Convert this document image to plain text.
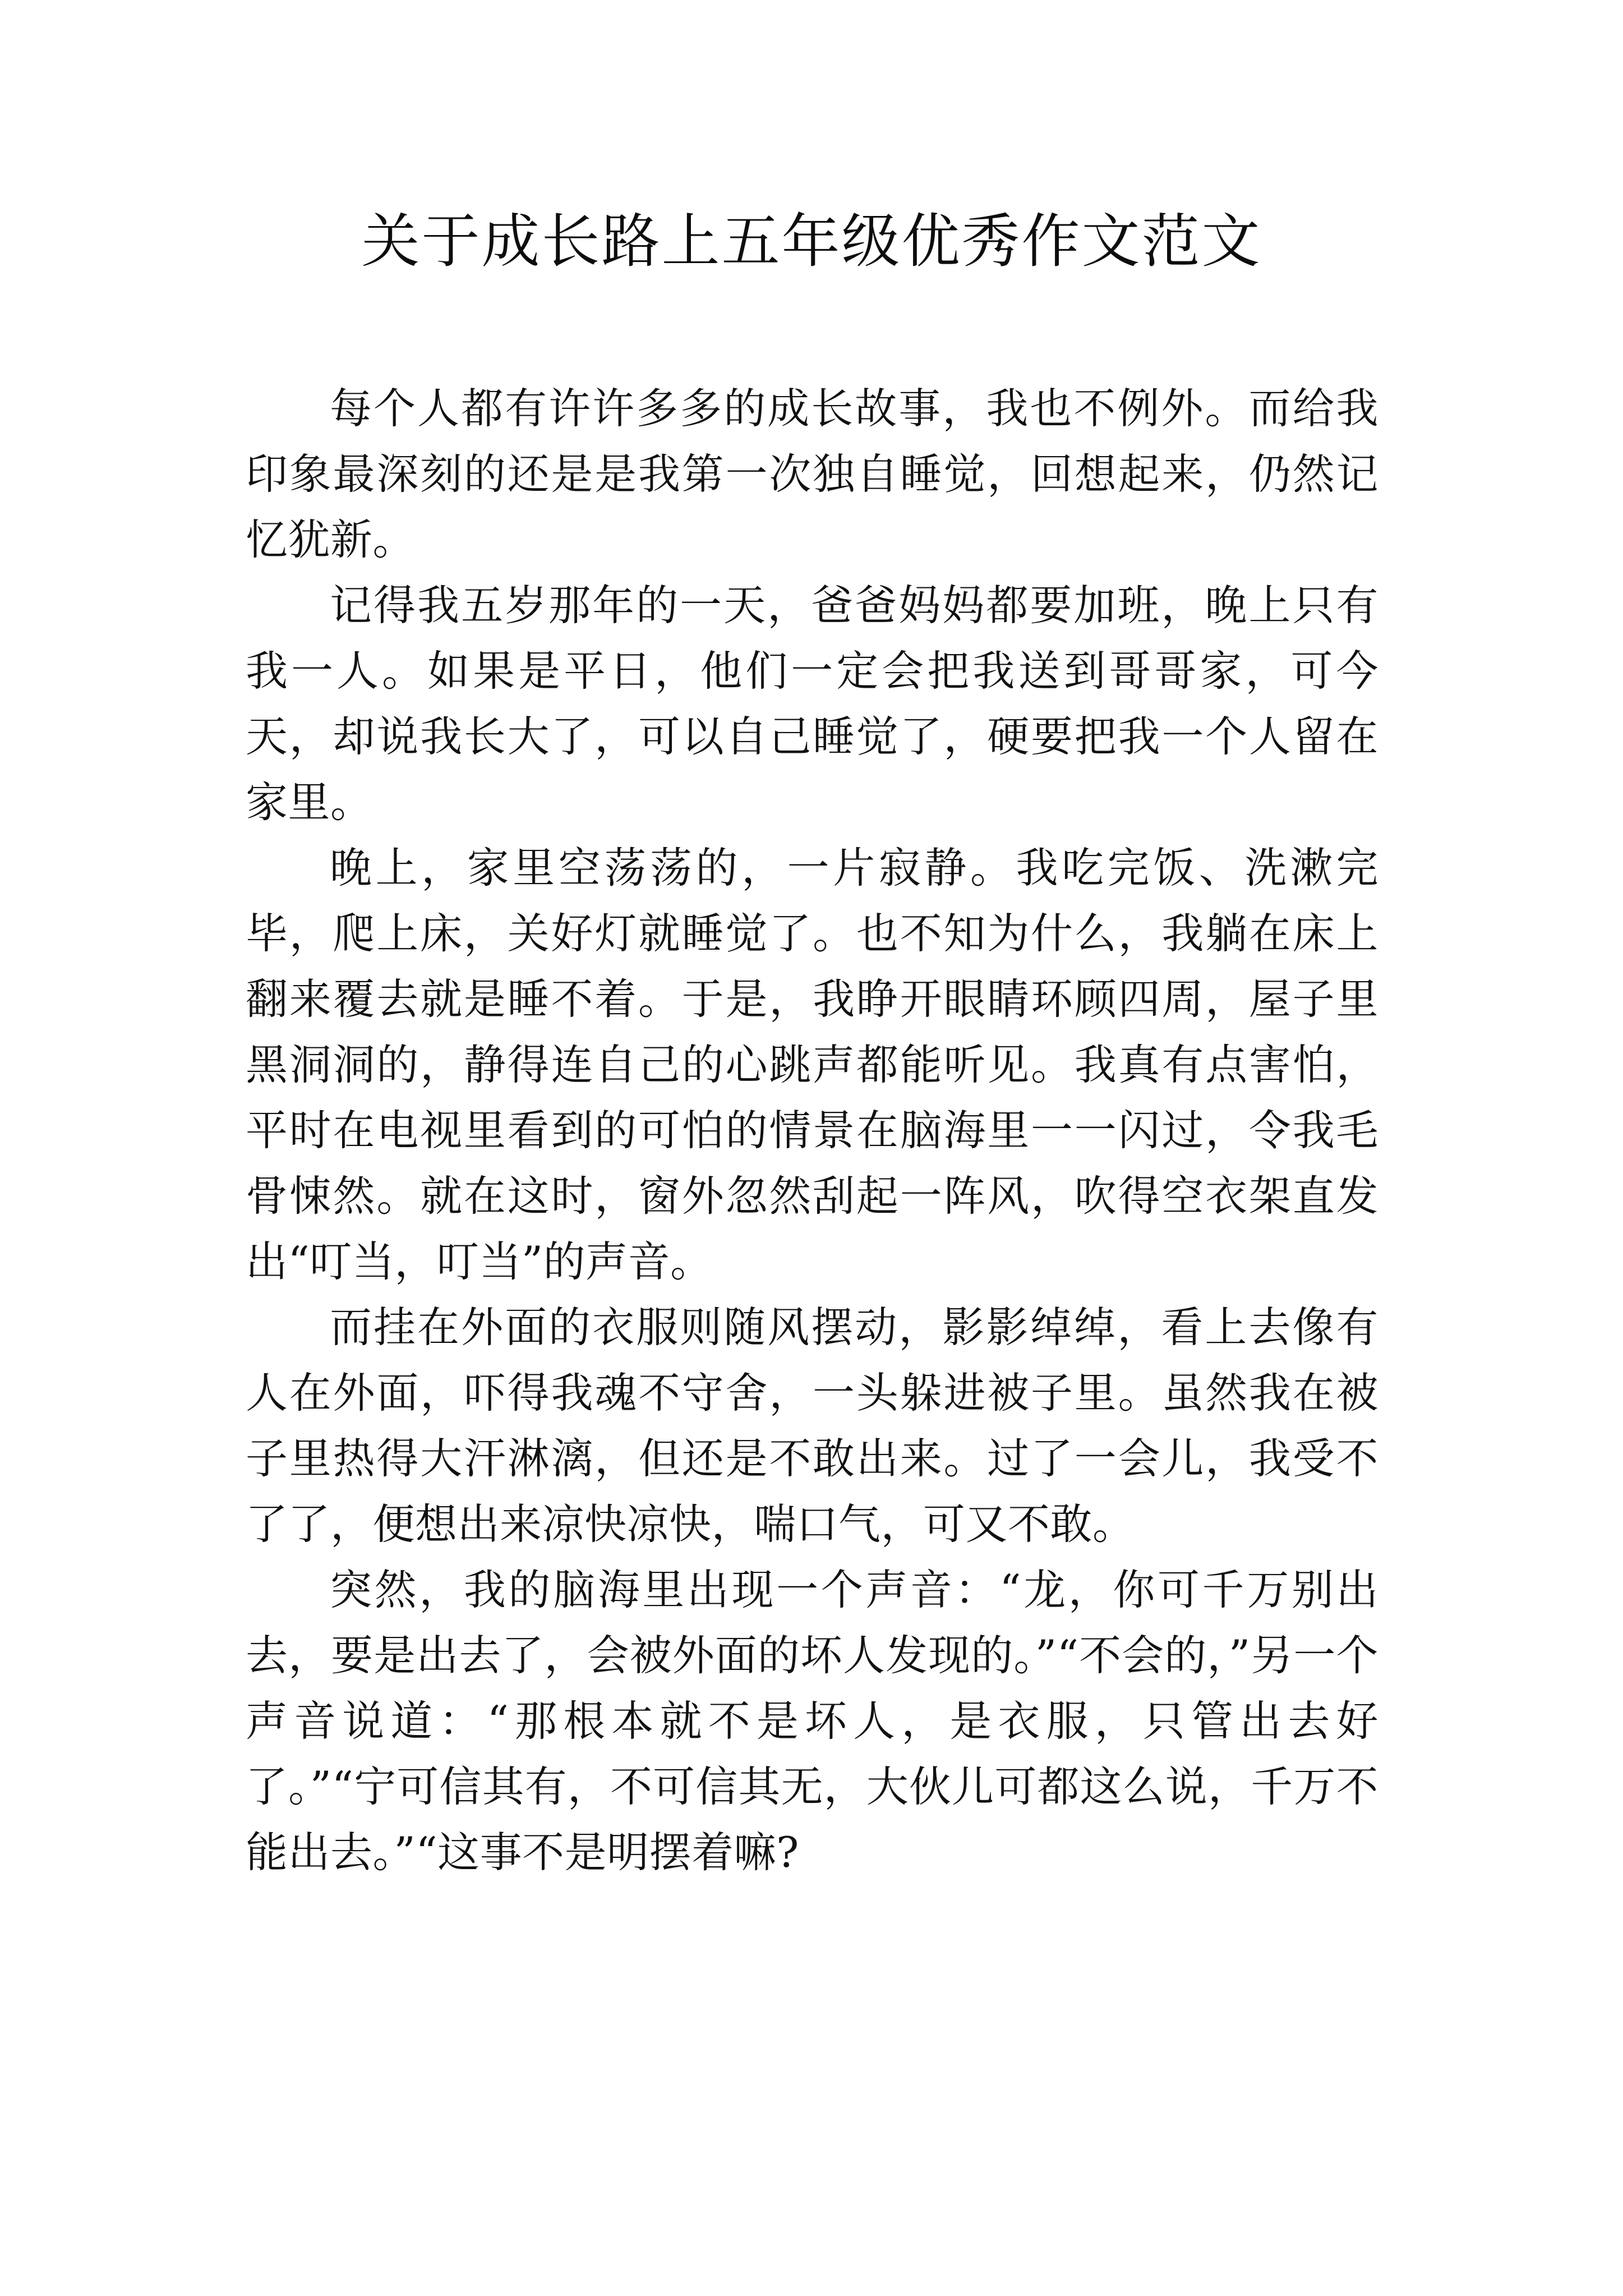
关于成长路上五年级优秀作文范文

每个人都有许许多多的成长故事，我也不例外。而给我印象最深刻的还是是我第一次独自睡觉，回想起来，仍然记忆犹新。

记得我五岁那年的一天，爸爸妈妈都要加班，晚上只有我一人。如果是平日，他们一定会把我送到哥哥家，可今天，却说我长大了，可以自己睡觉了，硬要把我一个人留在家里。

晚上，家里空荡荡的，一片寂静。我吃完饭、洗漱完毕，爬上床，关好灯就睡觉了。也不知为什么，我躺在床上翻来覆去就是睡不着。于是，我睁开眼睛环顾四周，屋子里黑洞洞的，静得连自己的心跳声都能听见。我真有点害怕，平时在电视里看到的可怕的情景在脑海里一一闪过，令我毛骨悚然。就在这时，窗外忽然刮起一阵风，吹得空衣架直发出“叮当，叮当”的声音。

而挂在外面的衣服则随风摆动，影影绰绰，看上去像有人在外面，吓得我魂不守舍，一头躲进被子里。虽然我在被子里热得大汗淋漓，但还是不敢出来。过了一会儿，我受不了了，便想出来凉快凉快，喘口气，可又不敢。

突然，我的脑海里出现一个声音：“龙，你可千万别出去，要是出去了，会被外面的坏人发现的。”“不会的，”另一个声音说道：“那根本就不是坏人，是衣服，只管出去好了。”“宁可信其有，不可信其无，大伙儿可都这么说，千万不能出去。”“这事不是明摆着嘛?
